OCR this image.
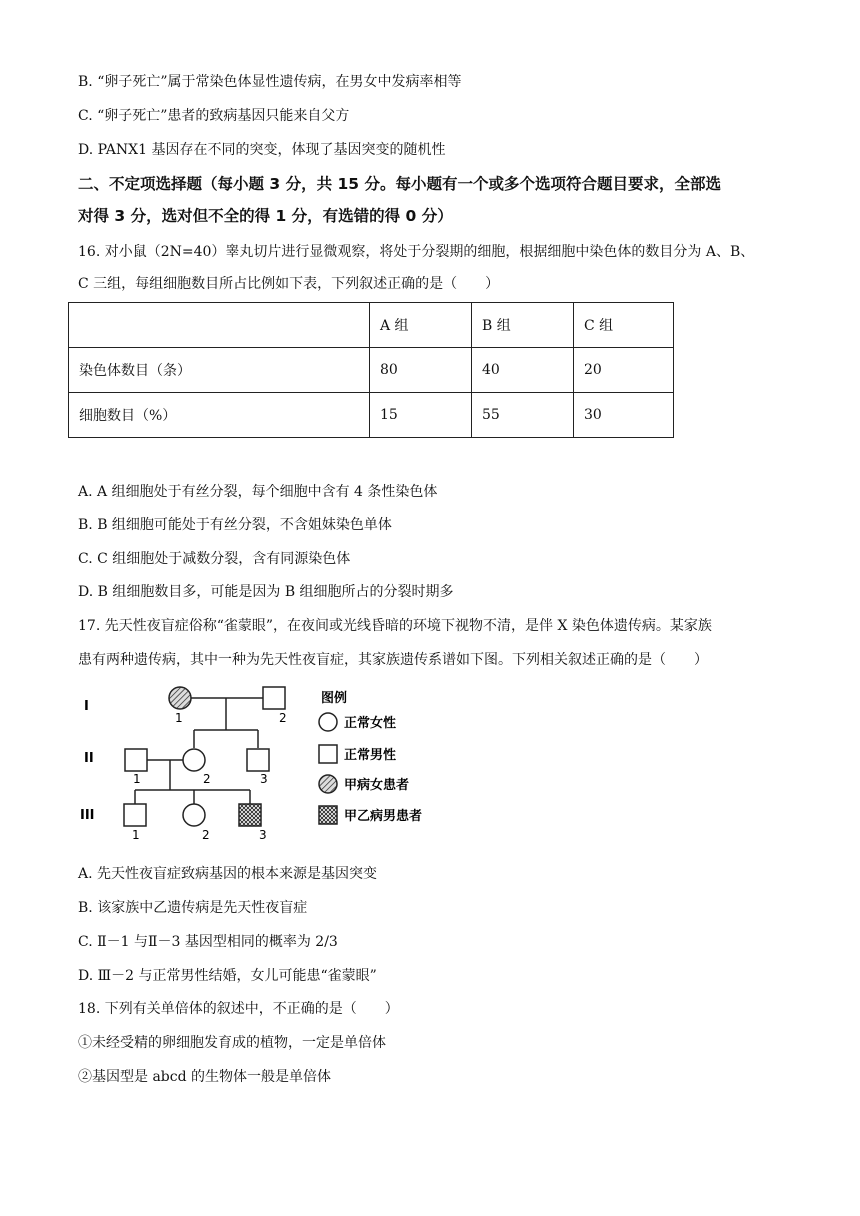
B. “卵子死亡”属于常染色体显性遗传病，在男女中发病率相等
C. “卵子死亡”患者的致病基因只能来自父方
D. PANX1 基因存在不同的突变，体现了基因突变的随机性
二、不定项选择题（每小题 3 分，共 15 分。每小题有一个或多个选项符合题目要求，全部选
对得 3 分，选对但不全的得 1 分，有选错的得 0 分）
16. 对小鼠（2N=40）睾丸切片进行显微观察，将处于分裂期的细胞，根据细胞中染色体的数目分为 A、B、
C 三组，每组细胞数目所占比例如下表，下列叙述正确的是（　　）
	A 组	B 组	C 组
染色体数目（条）	80	40	20
细胞数目（%）	15	55	30
A. A 组细胞处于有丝分裂，每个细胞中含有 4 条性染色体
B. B 组细胞可能处于有丝分裂，不含姐妹染色单体
C. C 组细胞处于减数分裂，含有同源染色体
D. B 组细胞数目多，可能是因为 B 组细胞所占的分裂时期多
17. 先天性夜盲症俗称“雀蒙眼”，在夜间或光线昏暗的环境下视物不清，是伴 X 染色体遗传病。某家族
患有两种遗传病，其中一种为先天性夜盲症，其家族遗传系谱如下图。下列相关叙述正确的是（　　）
I
II
III
1	2
1	2	3
1	2	3
图例
正常女性
正常男性
甲病女患者
甲乙病男患者
A. 先天性夜盲症致病基因的根本来源是基因突变
B. 该家族中乙遗传病是先天性夜盲症
C. Ⅱ－1 与Ⅱ－3 基因型相同的概率为 2/3
D. Ⅲ－2 与正常男性结婚，女儿可能患“雀蒙眼”
18. 下列有关单倍体的叙述中，不正确的是（　　）
①未经受精的卵细胞发育成的植物，一定是单倍体
②基因型是 abcd 的生物体一般是单倍体
